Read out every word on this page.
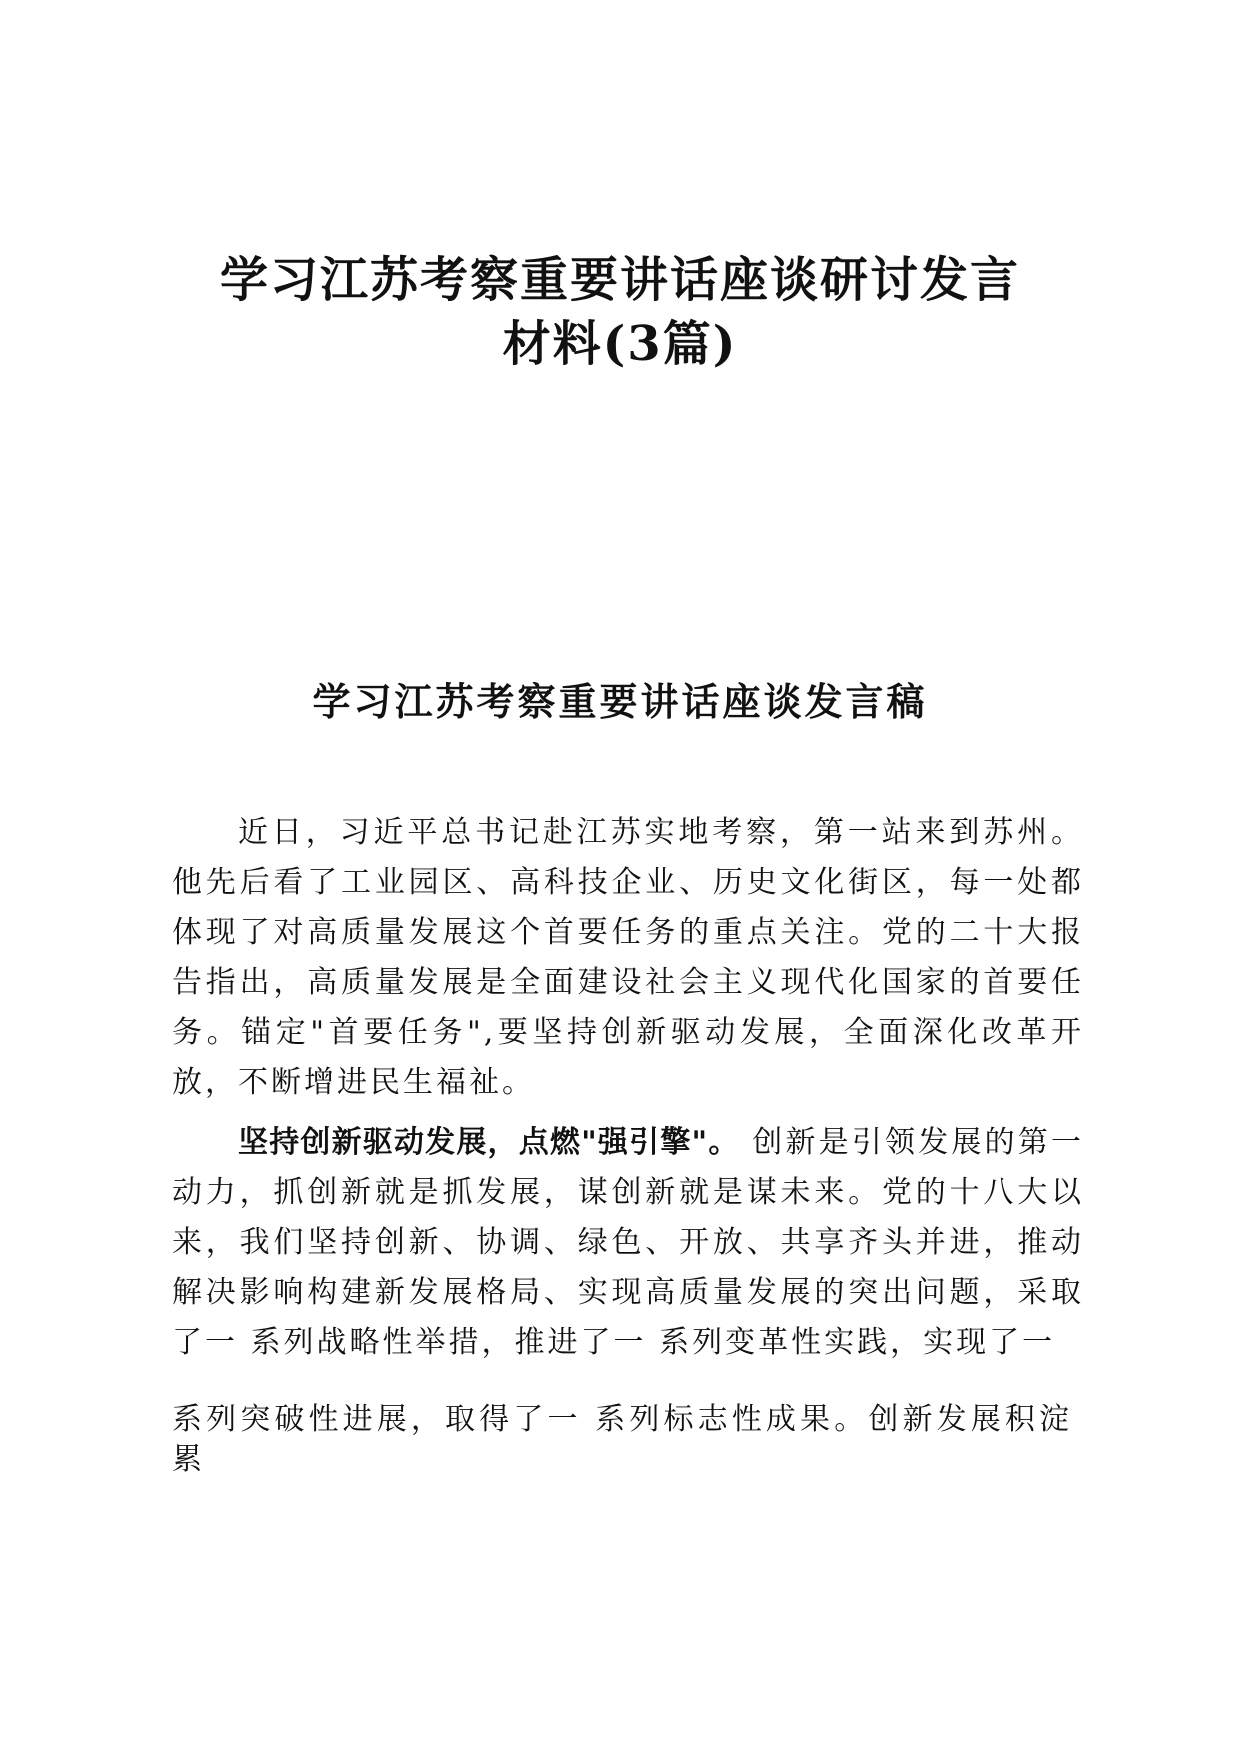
学习江苏考察重要讲话座谈研讨发言
材料(3篇)
学习江苏考察重要讲话座谈发言稿

近日，习近平总书记赴江苏实地考察，第一站来到苏州。他先后看了工业园区、高科技企业、历史文化街区，每一处都体现了对高质量发展这个首要任务的重点关注。党的二十大报告指出，高质量发展是全面建设社会主义现代化国家的首要任务。锚定"首要任务",要坚持创新驱动发展，全面深化改革开放，不断增进民生福祉。

坚持创新驱动发展，点燃"强引擎"。 创新是引领发展的第一动力，抓创新就是抓发展，谋创新就是谋未来。党的十八大以来，我们坚持创新、协调、绿色、开放、共享齐头并进，推动解决影响构建新发展格局、实现高质量发展的突出问题，采取了一 系列战略性举措，推进了一 系列变革性实践，实现了一

系列突破性进展，取得了一 系列标志性成果。创新发展积淀累
